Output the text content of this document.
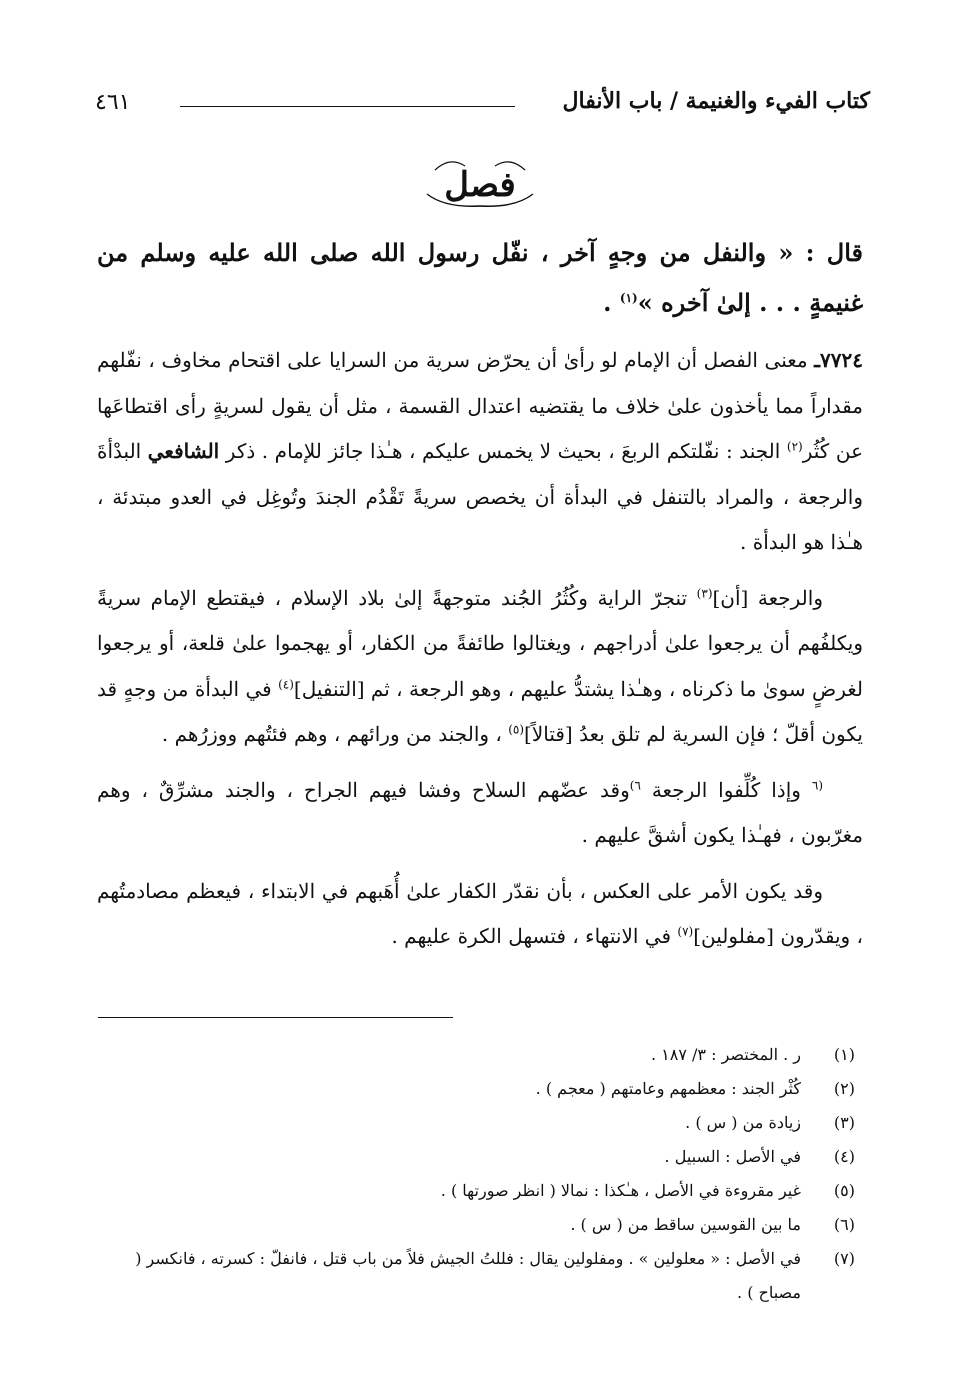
كتاب الفيء والغنيمة / باب الأنفال
٤٦١
فصل
قال : « والنفل من وجهٍ آخر ، نفّل رسول الله صلى الله عليه وسلم من غنيمةٍ . . . إلىٰ آخره »$^{(١)}$ .

٧٧٢٤ـ معنى الفصل أن الإمام لو رأىٰ أن يحرّض سرية من السرايا على اقتحام مخاوف ، نفّلهم مقداراً مما يأخذون علىٰ خلاف ما يقتضيه اعتدال القسمة ، مثل أن يقول لسريةٍ رأى اقتطاعَها عن كُثُر$^{(٢)}$ الجند : نفّلتكم الربعَ ، بحيث لا يخمس عليكم ، هـٰذا جائز للإمام . ذكر الشافعي البدْأةَ والرجعة ، والمراد بالتنفل في البدأة أن يخصص سريةً تَقْدُم الجندَ وتُوغِل في العدو مبتدئة ، هـٰذا هو البدأة .

والرجعة [أن]$^{(٣)}$ تنجرّ الراية وكُثُرُ الجُند متوجهةً إلىٰ بلاد الإسلام ، فيقتطع الإمام سريةً ويكلفُهم أن يرجعوا علىٰ أدراجهم ، ويغتالوا طائفةً من الكفار، أو يهجموا علىٰ قلعة، أو يرجعوا لغرضٍ سوىٰ ما ذكرناه ، وهـٰذا يشتدُّ عليهم ، وهو الرجعة ، ثم [التنفيل]$^{(٤)}$ في البدأة من وجهٍ قد يكون أقلّ ؛ فإن السرية لم تلق بعدُ [قتالاً]$^{(٥)}$ ، والجند من ورائهم ، وهم فئتُهم ووزرُهم .

$^{(٦}$ وإذا كُلِّفوا الرجعة $^{٦)}$وقد عضّهم السلاح وفشا فيهم الجراح ، والجند مشرِّقٌ ، وهم مغرّبون ، فهـٰذا يكون أشقَّ عليهم .

وقد يكون الأمر على العكس ، بأن نقدّر الكفار علىٰ أُهَبهم في الابتداء ، فيعظم مصادمتُهم ، ويقدّرون [مفلولين]$^{(٧)}$ في الانتهاء ، فتسهل الكرة عليهم .

(١)
ر . المختصر : ٣/ ١٨٧ .
(٢)
كُثْر الجند : معظمهم وعامتهم ( معجم ) .
(٣)
زيادة من ( س ) .
(٤)
في الأصل : السبيل .
(٥)
غير مقروءة في الأصل ، هـٰكذا : نمالا ( انظر صورتها ) .
(٦)
ما بين القوسين ساقط من ( س ) .
(٧)
في الأصل : « معلولين » . ومفلولين يقال : فللتُ الجيش فلاً من باب قتل ، فانفلّ : كسرته ، فانكسر ( مصباح ) .
